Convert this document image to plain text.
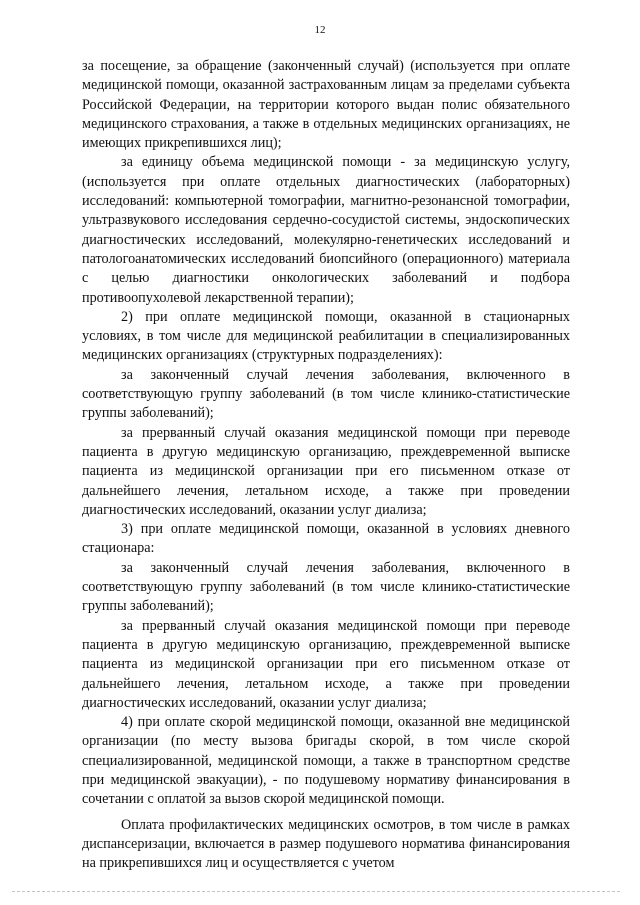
12

за посещение, за обращение (законченный случай) (используется при оплате медицинской помощи, оказанной застрахованным лицам за пределами субъекта Российской Федерации, на территории которого выдан полис обязательного медицинского страхования, а также в отдельных медицинских организациях, не имеющих прикрепившихся лиц);

за единицу объема медицинской помощи - за медицинскую услугу, (используется при оплате отдельных диагностических (лабораторных) исследований: компьютерной томографии, магнитно-резонансной томографии, ультразвукового исследования сердечно-сосудистой системы, эндоскопических диагностических исследований, молекулярно-генетических исследований и патологоанатомических исследований биопсийного (операционного) материала с целью диагностики онкологических заболеваний и подбора противоопухолевой лекарственной терапии);

2) при оплате медицинской помощи, оказанной в стационарных условиях, в том числе для медицинской реабилитации в специализированных медицинских организациях (структурных подразделениях):

за законченный случай лечения заболевания, включенного в соответствующую группу заболеваний (в том числе клинико-статистические группы заболеваний);

за прерванный случай оказания медицинской помощи при переводе пациента в другую медицинскую организацию, преждевременной выписке пациента из медицинской организации при его письменном отказе от дальнейшего лечения, летальном исходе, а также при проведении диагностических исследований, оказании услуг диализа;

3) при оплате медицинской помощи, оказанной в условиях дневного стационара:

за законченный случай лечения заболевания, включенного в соответствующую группу заболеваний (в том числе клинико-статистические группы заболеваний);

за прерванный случай оказания медицинской помощи при переводе пациента в другую медицинскую организацию, преждевременной выписке пациента из медицинской организации при его письменном отказе от дальнейшего лечения, летальном исходе, а также при проведении диагностических исследований, оказании услуг диализа;

4) при оплате скорой медицинской помощи, оказанной вне медицинской организации (по месту вызова бригады скорой, в том числе скорой специализированной, медицинской помощи, а также в транспортном средстве при медицинской эвакуации), - по подушевому нормативу финансирования в сочетании с оплатой за вызов скорой медицинской помощи.

Оплата профилактических медицинских осмотров, в том числе в рамках диспансеризации, включается в размер подушевого норматива финансирования на прикрепившихся лиц и осуществляется с учетом
